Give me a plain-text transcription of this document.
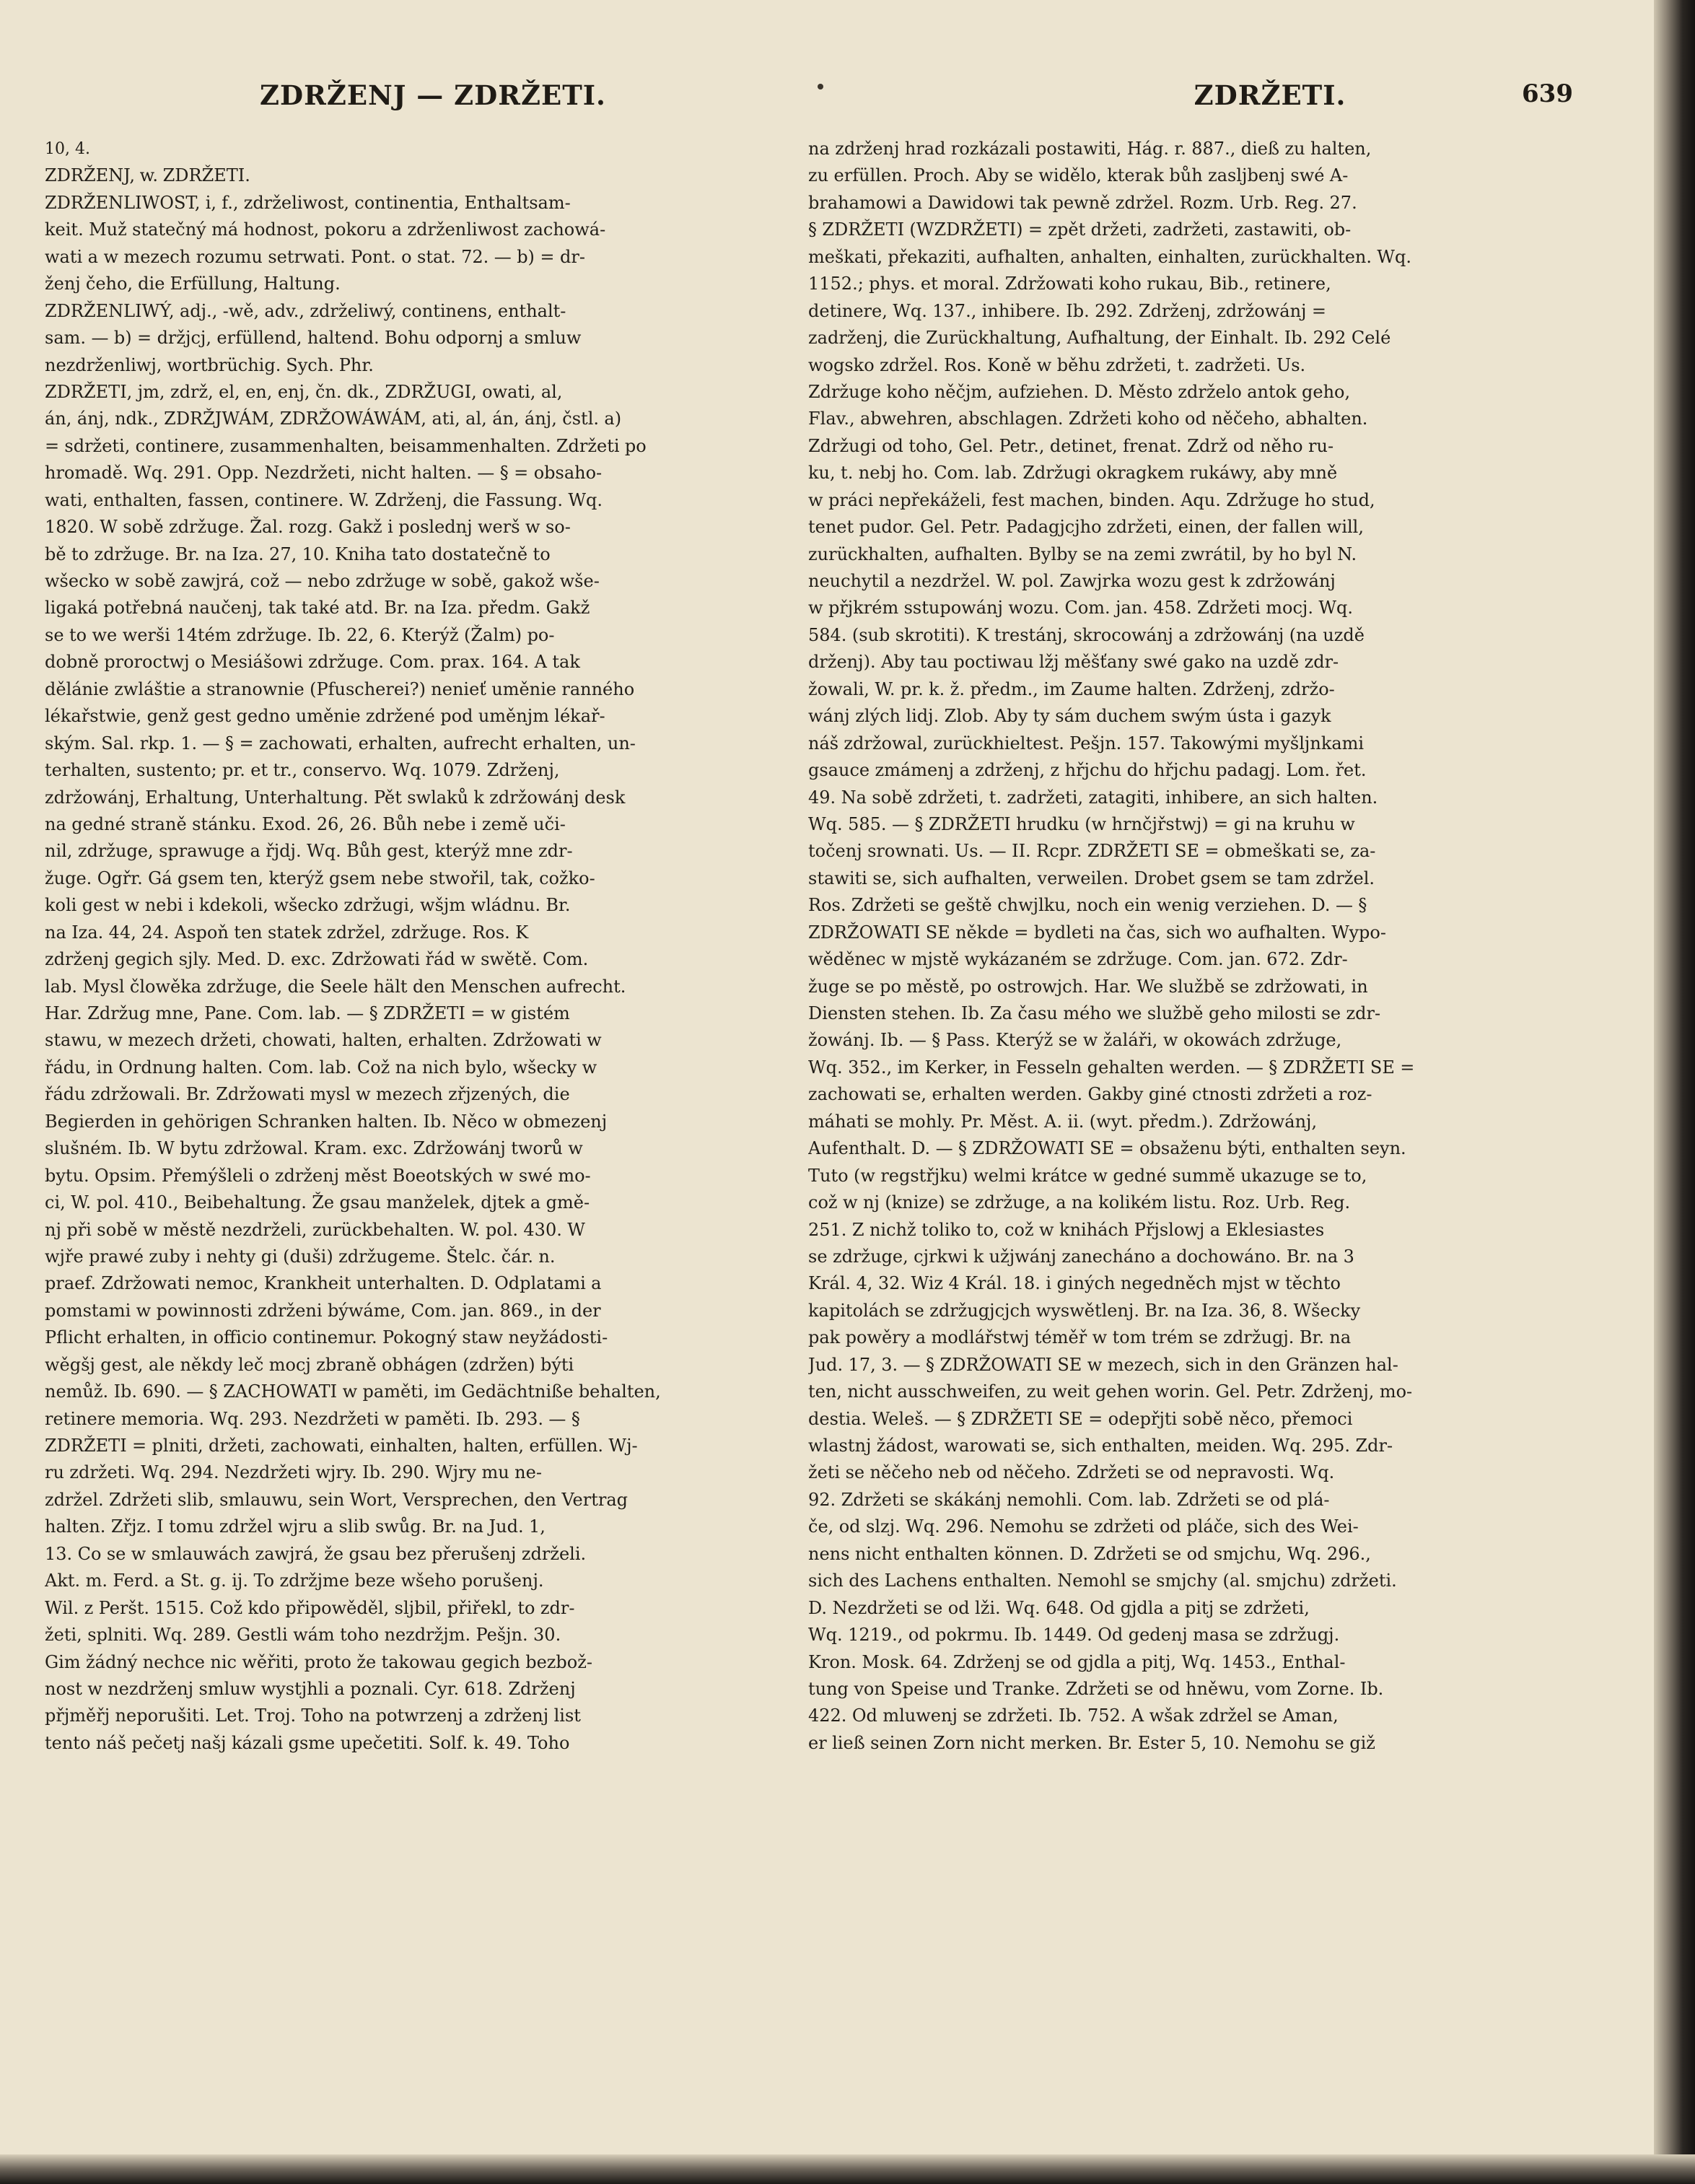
ZDRŽENJ — ZDRŽETI.	ZDRŽETI.	639
10, 4.
ZDRŽENJ, w. ZDRŽETI.
ZDRŽENLIWOST, i, f., zdrželiwost, continentia, Enthaltsam-
keit. Muž statečný má hodnost, pokoru a zdrženliwost zachowá-
wati a w mezech rozumu setrwati. Pont. o stat. 72. — b) = dr-
ženj čeho, die Erfüllung, Haltung.
ZDRŽENLIWÝ, adj., -wě, adv., zdrželiwý, continens, enthalt-
sam. — b) = držjcj, erfüllend, haltend. Bohu odpornj a smluw
nezdrženliwj, wortbrüchig. Sych. Phr.
ZDRŽETI, jm, zdrž, el, en, enj, čn. dk., ZDRŽUGI, owati, al,
án, ánj, ndk., ZDRŽJWÁM, ZDRŽOWÁWÁM, ati, al, án, ánj, čstl. a)
= sdržeti, continere, zusammenhalten, beisammenhalten. Zdržeti po
hromadě. Wq. 291. Opp. Nezdržeti, nicht halten. — § = obsaho-
wati, enthalten, fassen, continere. W. Zdrženj, die Fassung. Wq.
1820. W sobě zdržuge. Žal. rozg. Gakž i poslednj werš w so-
bě to zdržuge. Br. na Iza. 27, 10. Kniha tato dostatečně to
wšecko w sobě zawjrá, což — nebo zdržuge w sobě, gakož wše-
ligaká potřebná naučenj, tak také atd. Br. na Iza. předm. Gakž
se to we werši 14tém zdržuge. Ib. 22, 6. Kterýž (Žalm) po-
dobně proroctwj o Mesiášowi zdržuge. Com. prax. 164. A tak
dělánie zwláštie a stranownie (Pfuscherei?) nenieť uměnie ranného
lékařstwie, genž gest gedno uměnie zdržené pod uměnjm lékař-
ským. Sal. rkp. 1. — § = zachowati, erhalten, aufrecht erhalten, un-
terhalten, sustento; pr. et tr., conservo. Wq. 1079. Zdrženj,
zdržowánj, Erhaltung, Unterhaltung. Pět swlaků k zdržowánj desk
na gedné straně stánku. Exod. 26, 26. Bůh nebe i země uči-
nil, zdržuge, sprawuge a řjdj. Wq. Bůh gest, kterýž mne zdr-
žuge. Ogřr. Gá gsem ten, kterýž gsem nebe stwořil, tak, cožko-
koli gest w nebi i kdekoli, wšecko zdržugi, wšjm wládnu. Br.
na Iza. 44, 24. Aspoň ten statek zdržel, zdržuge. Ros. K
zdrženj gegich sjly. Med. D. exc. Zdržowati řád w swětě. Com.
lab. Mysl člowěka zdržuge, die Seele hält den Menschen aufrecht.
Har. Zdržug mne, Pane. Com. lab. — § ZDRŽETI = w gistém
stawu, w mezech držeti, chowati, halten, erhalten. Zdržowati w
řádu, in Ordnung halten. Com. lab. Což na nich bylo, wšecky w
řádu zdržowali. Br. Zdržowati mysl w mezech zřjzených, die
Begierden in gehörigen Schranken halten. Ib. Něco w obmezenj
slušném. Ib. W bytu zdržowal. Kram. exc. Zdržowánj tworů w
bytu. Opsim. Přemýšleli o zdrženj měst Boeotských w swé mo-
ci, W. pol. 410., Beibehaltung. Že gsau manželek, djtek a gmě-
nj při sobě w městě nezdrželi, zurückbehalten. W. pol. 430. W
wjře prawé zuby i nehty gi (duši) zdržugeme. Štelc. čár. n.
praef. Zdržowati nemoc, Krankheit unterhalten. D. Odplatami a
pomstami w powinnosti zdrženi býwáme, Com. jan. 869., in der
Pflicht erhalten, in officio continemur. Pokogný staw neyžádosti-
wěgšj gest, ale někdy leč mocj zbraně obhágen (zdržen) býti
nemůž. Ib. 690. — § ZACHOWATI w paměti, im Gedächtniße behalten,
retinere memoria. Wq. 293. Nezdržeti w paměti. Ib. 293. — §
ZDRŽETI = plniti, držeti, zachowati, einhalten, halten, erfüllen. Wj-
ru zdržeti. Wq. 294. Nezdržeti wjry. Ib. 290. Wjry mu ne-
zdržel. Zdržeti slib, smlauwu, sein Wort, Versprechen, den Vertrag
halten. Zřjz. I tomu zdržel wjru a slib swůg. Br. na Jud. 1,
13. Co se w smlauwách zawjrá, že gsau bez přerušenj zdrželi.
Akt. m. Ferd. a St. g. ij. To zdržjme beze wšeho porušenj.
Wil. z Peršt. 1515. Což kdo připowěděl, sljbil, přiřekl, to zdr-
žeti, splniti. Wq. 289. Gestli wám toho nezdržjm. Pešjn. 30.
Gim žádný nechce nic wěřiti, proto že takowau gegich bezbož-
nost w nezdrženj smluw wystjhli a poznali. Cyr. 618. Zdrženj
přjměřj neporušiti. Let. Troj. Toho na potwrzenj a zdrženj list
tento náš pečetj našj kázali gsme upečetiti. Solf. k. 49. Toho
na zdrženj hrad rozkázali postawiti, Hág. r. 887., dieß zu halten,
zu erfüllen. Proch. Aby se widělo, kterak bůh zasljbenj swé A-
brahamowi a Dawidowi tak pewně zdržel. Rozm. Urb. Reg. 27.
§ ZDRŽETI (WZDRŽETI) = zpět držeti, zadržeti, zastawiti, ob-
meškati, překaziti, aufhalten, anhalten, einhalten, zurückhalten. Wq.
1152.; phys. et moral. Zdržowati koho rukau, Bib., retinere,
detinere, Wq. 137., inhibere. Ib. 292. Zdrženj, zdržowánj =
zadrženj, die Zurückhaltung, Aufhaltung, der Einhalt. Ib. 292 Celé
wogsko zdržel. Ros. Koně w běhu zdržeti, t. zadržeti. Us.
Zdržuge koho něčjm, aufziehen. D. Město zdrželo antok geho,
Flav., abwehren, abschlagen. Zdržeti koho od něčeho, abhalten.
Zdržugi od toho, Gel. Petr., detinet, frenat. Zdrž od něho ru-
ku, t. nebj ho. Com. lab. Zdržugi okragkem rukáwy, aby mně
w práci nepřekáželi, fest machen, binden. Aqu. Zdržuge ho stud,
tenet pudor. Gel. Petr. Padagjcjho zdržeti, einen, der fallen will,
zurückhalten, aufhalten. Bylby se na zemi zwrátil, by ho byl N.
neuchytil a nezdržel. W. pol. Zawjrka wozu gest k zdržowánj
w přjkrém sstupowánj wozu. Com. jan. 458. Zdržeti mocj. Wq.
584. (sub skrotiti). K trestánj, skrocowánj a zdržowánj (na uzdě
drženj). Aby tau poctiwau lžj měšťany swé gako na uzdě zdr-
žowali, W. pr. k. ž. předm., im Zaume halten. Zdrženj, zdržo-
wánj zlých lidj. Zlob. Aby ty sám duchem swým ústa i gazyk
náš zdržowal, zurückhieltest. Pešjn. 157. Takowými myšljnkami
gsauce zmámenj a zdrženj, z hřjchu do hřjchu padagj. Lom. řet.
49. Na sobě zdržeti, t. zadržeti, zatagiti, inhibere, an sich halten.
Wq. 585. — § ZDRŽETI hrudku (w hrnčjřstwj) = gi na kruhu w
točenj srownati. Us. — II. Rcpr. ZDRŽETI SE = obmeškati se, za-
stawiti se, sich aufhalten, verweilen. Drobet gsem se tam zdržel.
Ros. Zdržeti se geště chwjlku, noch ein wenig verziehen. D. — §
ZDRŽOWATI SE někde = bydleti na čas, sich wo aufhalten. Wypo-
wěděnec w mjstě wykázaném se zdržuge. Com. jan. 672. Zdr-
žuge se po městě, po ostrowjch. Har. We službě se zdržowati, in
Diensten stehen. Ib. Za času mého we službě geho milosti se zdr-
žowánj. Ib. — § Pass. Kterýž se w žaláři, w okowách zdržuge,
Wq. 352., im Kerker, in Fesseln gehalten werden. — § ZDRŽETI SE =
zachowati se, erhalten werden. Gakby giné ctnosti zdržeti a roz-
máhati se mohly. Pr. Měst. A. ii. (wyt. předm.). Zdržowánj,
Aufenthalt. D. — § ZDRŽOWATI SE = obsaženu býti, enthalten seyn.
Tuto (w regstřjku) welmi krátce w gedné summě ukazuge se to,
což w nj (knize) se zdržuge, a na kolikém listu. Roz. Urb. Reg.
251. Z nichž toliko to, což w knihách Přjslowj a Eklesiastes
se zdržuge, cjrkwi k užjwánj zanecháno a dochowáno. Br. na 3
Král. 4, 32. Wiz 4 Král. 18. i giných negedněch mjst w těchto
kapitolách se zdržugjcjch wyswětlenj. Br. na Iza. 36, 8. Wšecky
pak powěry a modlářstwj téměř w tom trém se zdržugj. Br. na
Jud. 17, 3. — § ZDRŽOWATI SE w mezech, sich in den Gränzen hal-
ten, nicht ausschweifen, zu weit gehen worin. Gel. Petr. Zdrženj, mo-
destia. Weleš. — § ZDRŽETI SE = odepřjti sobě něco, přemoci
wlastnj žádost, warowati se, sich enthalten, meiden. Wq. 295. Zdr-
žeti se něčeho neb od něčeho. Zdržeti se od nepravosti. Wq.
92. Zdržeti se skákánj nemohli. Com. lab. Zdržeti se od plá-
če, od slzj. Wq. 296. Nemohu se zdržeti od pláče, sich des Wei-
nens nicht enthalten können. D. Zdržeti se od smjchu, Wq. 296.,
sich des Lachens enthalten. Nemohl se smjchy (al. smjchu) zdržeti.
D. Nezdržeti se od lži. Wq. 648. Od gjdla a pitj se zdržeti,
Wq. 1219., od pokrmu. Ib. 1449. Od gedenj masa se zdržugj.
Kron. Mosk. 64. Zdrženj se od gjdla a pitj, Wq. 1453., Enthal-
tung von Speise und Tranke. Zdržeti se od hněwu, vom Zorne. Ib.
422. Od mluwenj se zdržeti. Ib. 752. A wšak zdržel se Aman,
er ließ seinen Zorn nicht merken. Br. Ester 5, 10. Nemohu se giž
